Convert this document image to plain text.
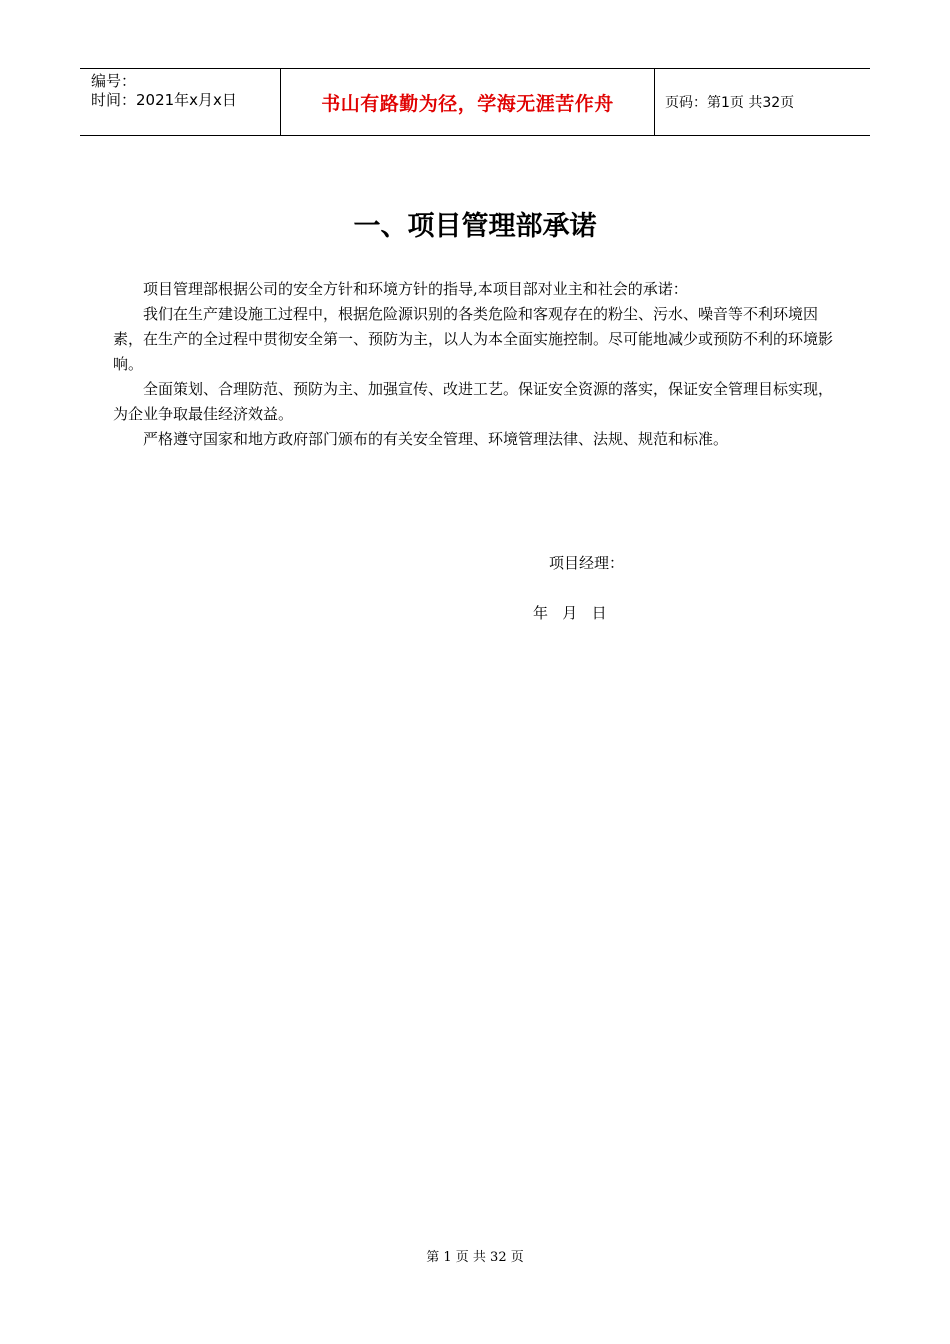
编号：
时间：2021年x月x日	书山有路勤为径，学海无涯苦作舟	页码：第1页 共32页
一、项目管理部承诺

项目管理部根据公司的安全方针和环境方针的指导,本项目部对业主和社会的承诺：

我们在生产建设施工过程中，根据危险源识别的各类危险和客观存在的粉尘、污水、噪音等不利环境因素，在生产的全过程中贯彻安全第一、预防为主，以人为本全面实施控制。尽可能地减少或预防不利的环境影响。

全面策划、合理防范、预防为主、加强宣传、改进工艺。保证安全资源的落实，保证安全管理目标实现，为企业争取最佳经济效益。

严格遵守国家和地方政府部门颁布的有关安全管理、环境管理法律、法规、规范和标准。

项目经理：
年   月   日
第 1 页 共 32 页
